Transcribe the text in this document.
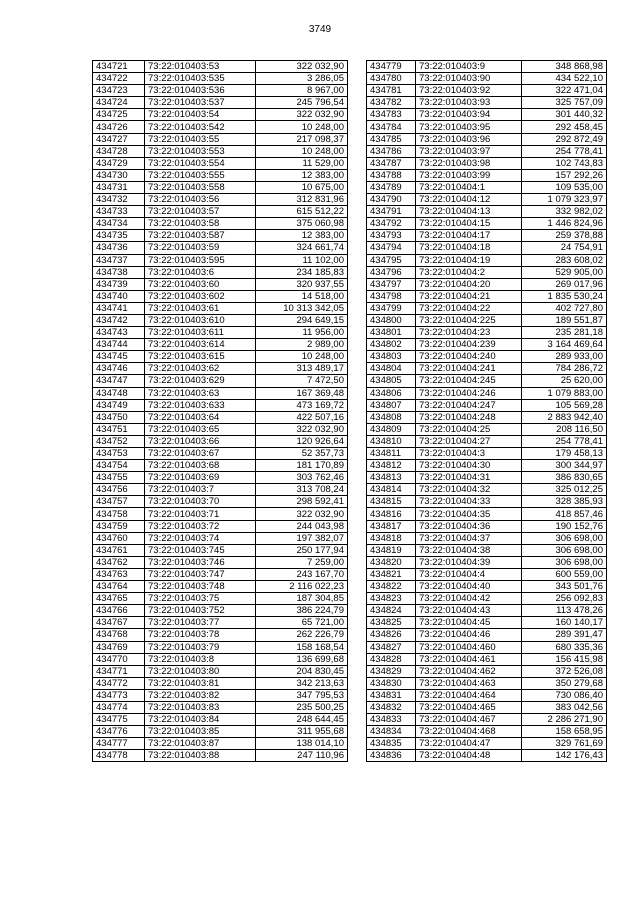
3749
434721	73:22:010403:53	322 032,90
434722	73:22:010403:535	3 286,05
434723	73:22:010403:536	8 967,00
434724	73:22:010403:537	245 796,54
434725	73:22:010403:54	322 032,90
434726	73:22:010403:542	10 248,00
434727	73:22:010403:55	217 098,37
434728	73:22:010403:553	10 248,00
434729	73:22:010403:554	11 529,00
434730	73:22:010403:555	12 383,00
434731	73:22:010403:558	10 675,00
434732	73:22:010403:56	312 831,96
434733	73:22:010403:57	615 512,22
434734	73:22:010403:58	375 060,98
434735	73:22:010403:587	12 383,00
434736	73:22:010403:59	324 661,74
434737	73:22:010403:595	11 102,00
434738	73:22:010403:6	234 185,83
434739	73:22:010403:60	320 937,55
434740	73:22:010403:602	14 518,00
434741	73:22:010403:61	10 313 342,05
434742	73:22:010403:610	294 649,15
434743	73:22:010403:611	11 956,00
434744	73:22:010403:614	2 989,00
434745	73:22:010403:615	10 248,00
434746	73:22:010403:62	313 489,17
434747	73:22:010403:629	7 472,50
434748	73:22:010403:63	167 369,48
434749	73:22:010403:633	473 169,72
434750	73:22:010403:64	422 507,16
434751	73:22:010403:65	322 032,90
434752	73:22:010403:66	120 926,64
434753	73:22:010403:67	52 357,73
434754	73:22:010403:68	181 170,89
434755	73:22:010403:69	303 762,46
434756	73:22:010403:7	313 708,24
434757	73:22:010403:70	298 592,41
434758	73:22:010403:71	322 032,90
434759	73:22:010403:72	244 043,98
434760	73:22:010403:74	197 382,07
434761	73:22:010403:745	250 177,94
434762	73:22:010403:746	7 259,00
434763	73:22:010403:747	243 167,70
434764	73:22:010403:748	2 116 022,23
434765	73:22:010403:75	187 304,85
434766	73:22:010403:752	386 224,79
434767	73:22:010403:77	65 721,00
434768	73:22:010403:78	262 226,79
434769	73:22:010403:79	158 168,54
434770	73:22:010403:8	136 699,68
434771	73:22:010403:80	204 830,45
434772	73:22:010403:81	342 213,63
434773	73:22:010403:82	347 795,53
434774	73:22:010403:83	235 500,25
434775	73:22:010403:84	248 644,45
434776	73:22:010403:85	311 955,68
434777	73:22:010403:87	138 014,10
434778	73:22:010403:88	247 110,96
434779	73:22:010403:9	348 868,98
434780	73:22:010403:90	434 522,10
434781	73:22:010403:92	322 471,04
434782	73:22:010403:93	325 757,09
434783	73:22:010403:94	301 440,32
434784	73:22:010403:95	292 458,45
434785	73:22:010403:96	292 872,49
434786	73:22:010403:97	254 778,41
434787	73:22:010403:98	102 743,83
434788	73:22:010403:99	157 292,26
434789	73:22:010404:1	109 535,00
434790	73:22:010404:12	1 079 323,97
434791	73:22:010404:13	332 982,02
434792	73:22:010404:15	1 446 824,96
434793	73:22:010404:17	259 378,88
434794	73:22:010404:18	24 754,91
434795	73:22:010404:19	283 608,02
434796	73:22:010404:2	529 905,00
434797	73:22:010404:20	269 017,96
434798	73:22:010404:21	1 835 530,24
434799	73:22:010404:22	402 727,80
434800	73:22:010404:225	189 551,87
434801	73:22:010404:23	235 281,18
434802	73:22:010404:239	3 164 469,64
434803	73:22:010404:240	289 933,00
434804	73:22:010404:241	784 286,72
434805	73:22:010404:245	25 620,00
434806	73:22:010404:246	1 079 883,00
434807	73:22:010404:247	105 569,28
434808	73:22:010404:248	2 883 942,40
434809	73:22:010404:25	208 116,50
434810	73:22:010404:27	254 778,41
434811	73:22:010404:3	179 458,13
434812	73:22:010404:30	300 344,97
434813	73:22:010404:31	386 830,65
434814	73:22:010404:32	325 012,25
434815	73:22:010404:33	328 385,93
434816	73:22:010404:35	418 857,46
434817	73:22:010404:36	190 152,76
434818	73:22:010404:37	306 698,00
434819	73:22:010404:38	306 698,00
434820	73:22:010404:39	306 698,00
434821	73:22:010404:4	600 559,00
434822	73:22:010404:40	343 501,76
434823	73:22:010404:42	256 092,83
434824	73:22:010404:43	113 478,26
434825	73:22:010404:45	160 140,17
434826	73:22:010404:46	289 391,47
434827	73:22:010404:460	680 335,36
434828	73:22:010404:461	156 415,98
434829	73:22:010404:462	372 526,08
434830	73:22:010404:463	350 279,68
434831	73:22:010404:464	730 086,40
434832	73:22:010404:465	383 042,56
434833	73:22:010404:467	2 286 271,90
434834	73:22:010404:468	158 658,95
434835	73:22:010404:47	329 761,69
434836	73:22:010404:48	142 176,43
